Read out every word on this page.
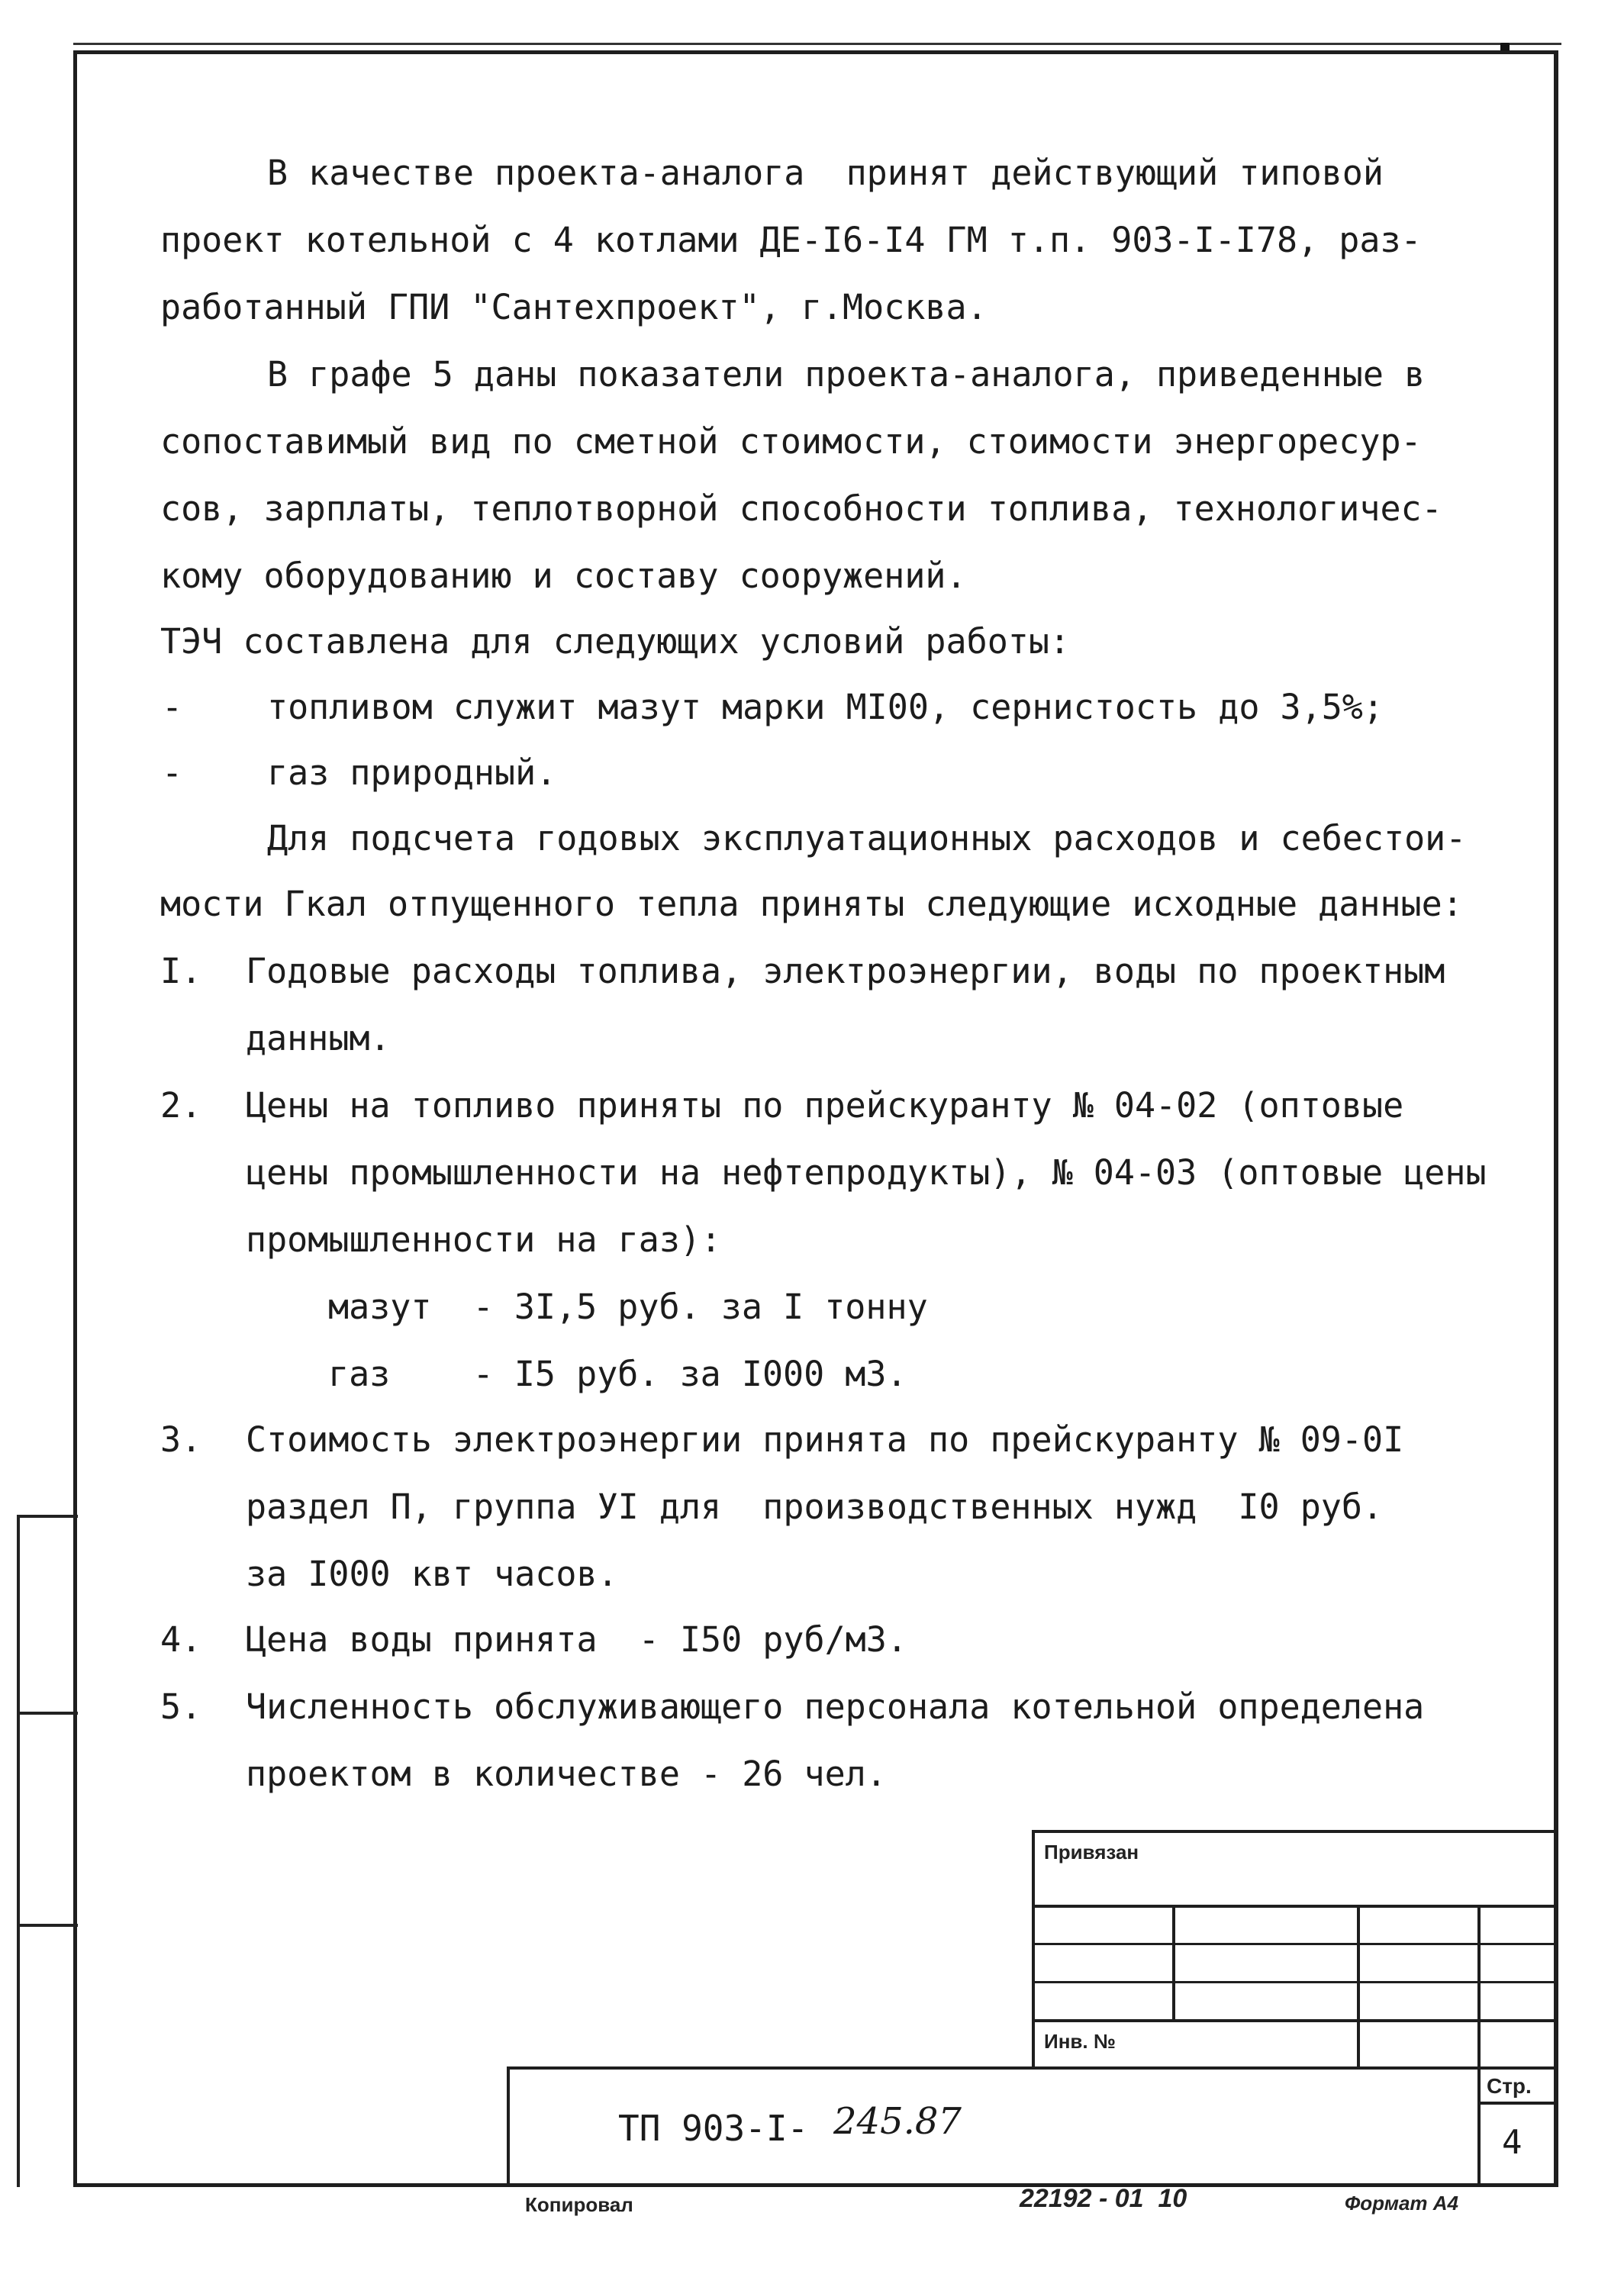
В качестве проекта-аналога  принят действующий типовой
проект котельной с 4 котлами ДЕ-I6-I4 ГМ т.п. 903-I-I78, раз-
работанный ГПИ "Сантехпроект", г.Москва.
В графе 5 даны показатели проекта-аналога, приведенные в
сопоставимый вид по сметной стоимости, стоимости энергоресур-
сов, зарплаты, теплотворной способности топлива, технологичес-
кому оборудованию и составу сооружений.
ТЭЧ составлена для следующих условий работы:
- топливом служит мазут марки МI00, сернистость до 3,5%;
- газ природный.
Для подсчета годовых эксплуатационных расходов и себестои-
мости Гкал отпущенного тепла приняты следующие исходные данные:
I. Годовые расходы топлива, электроэнергии, воды по проектным
данным.
2. Цены на топливо приняты по прейскуранту № 04-02 (оптовые
цены промышленности на нефтепродукты), № 04-03 (оптовые цены
промышленности на газ):
мазут  - 3I,5 руб. за I тонну
газ    - I5 руб. за I000 м3.
3. Стоимость электроэнергии принята по прейскуранту № 09-0I
раздел П, группа УI для  производственных нужд  I0 руб.
за I000 квт часов.
4. Цена воды принята  - I50 руб/м3.
5. Численность обслуживающего персонала котельной определена
проектом в количестве - 26 чел.
Привязан
Инв. №
ТП 903-I- 245.87
Стр.
4
Копировал	22192 - 01  10	Формат А4
